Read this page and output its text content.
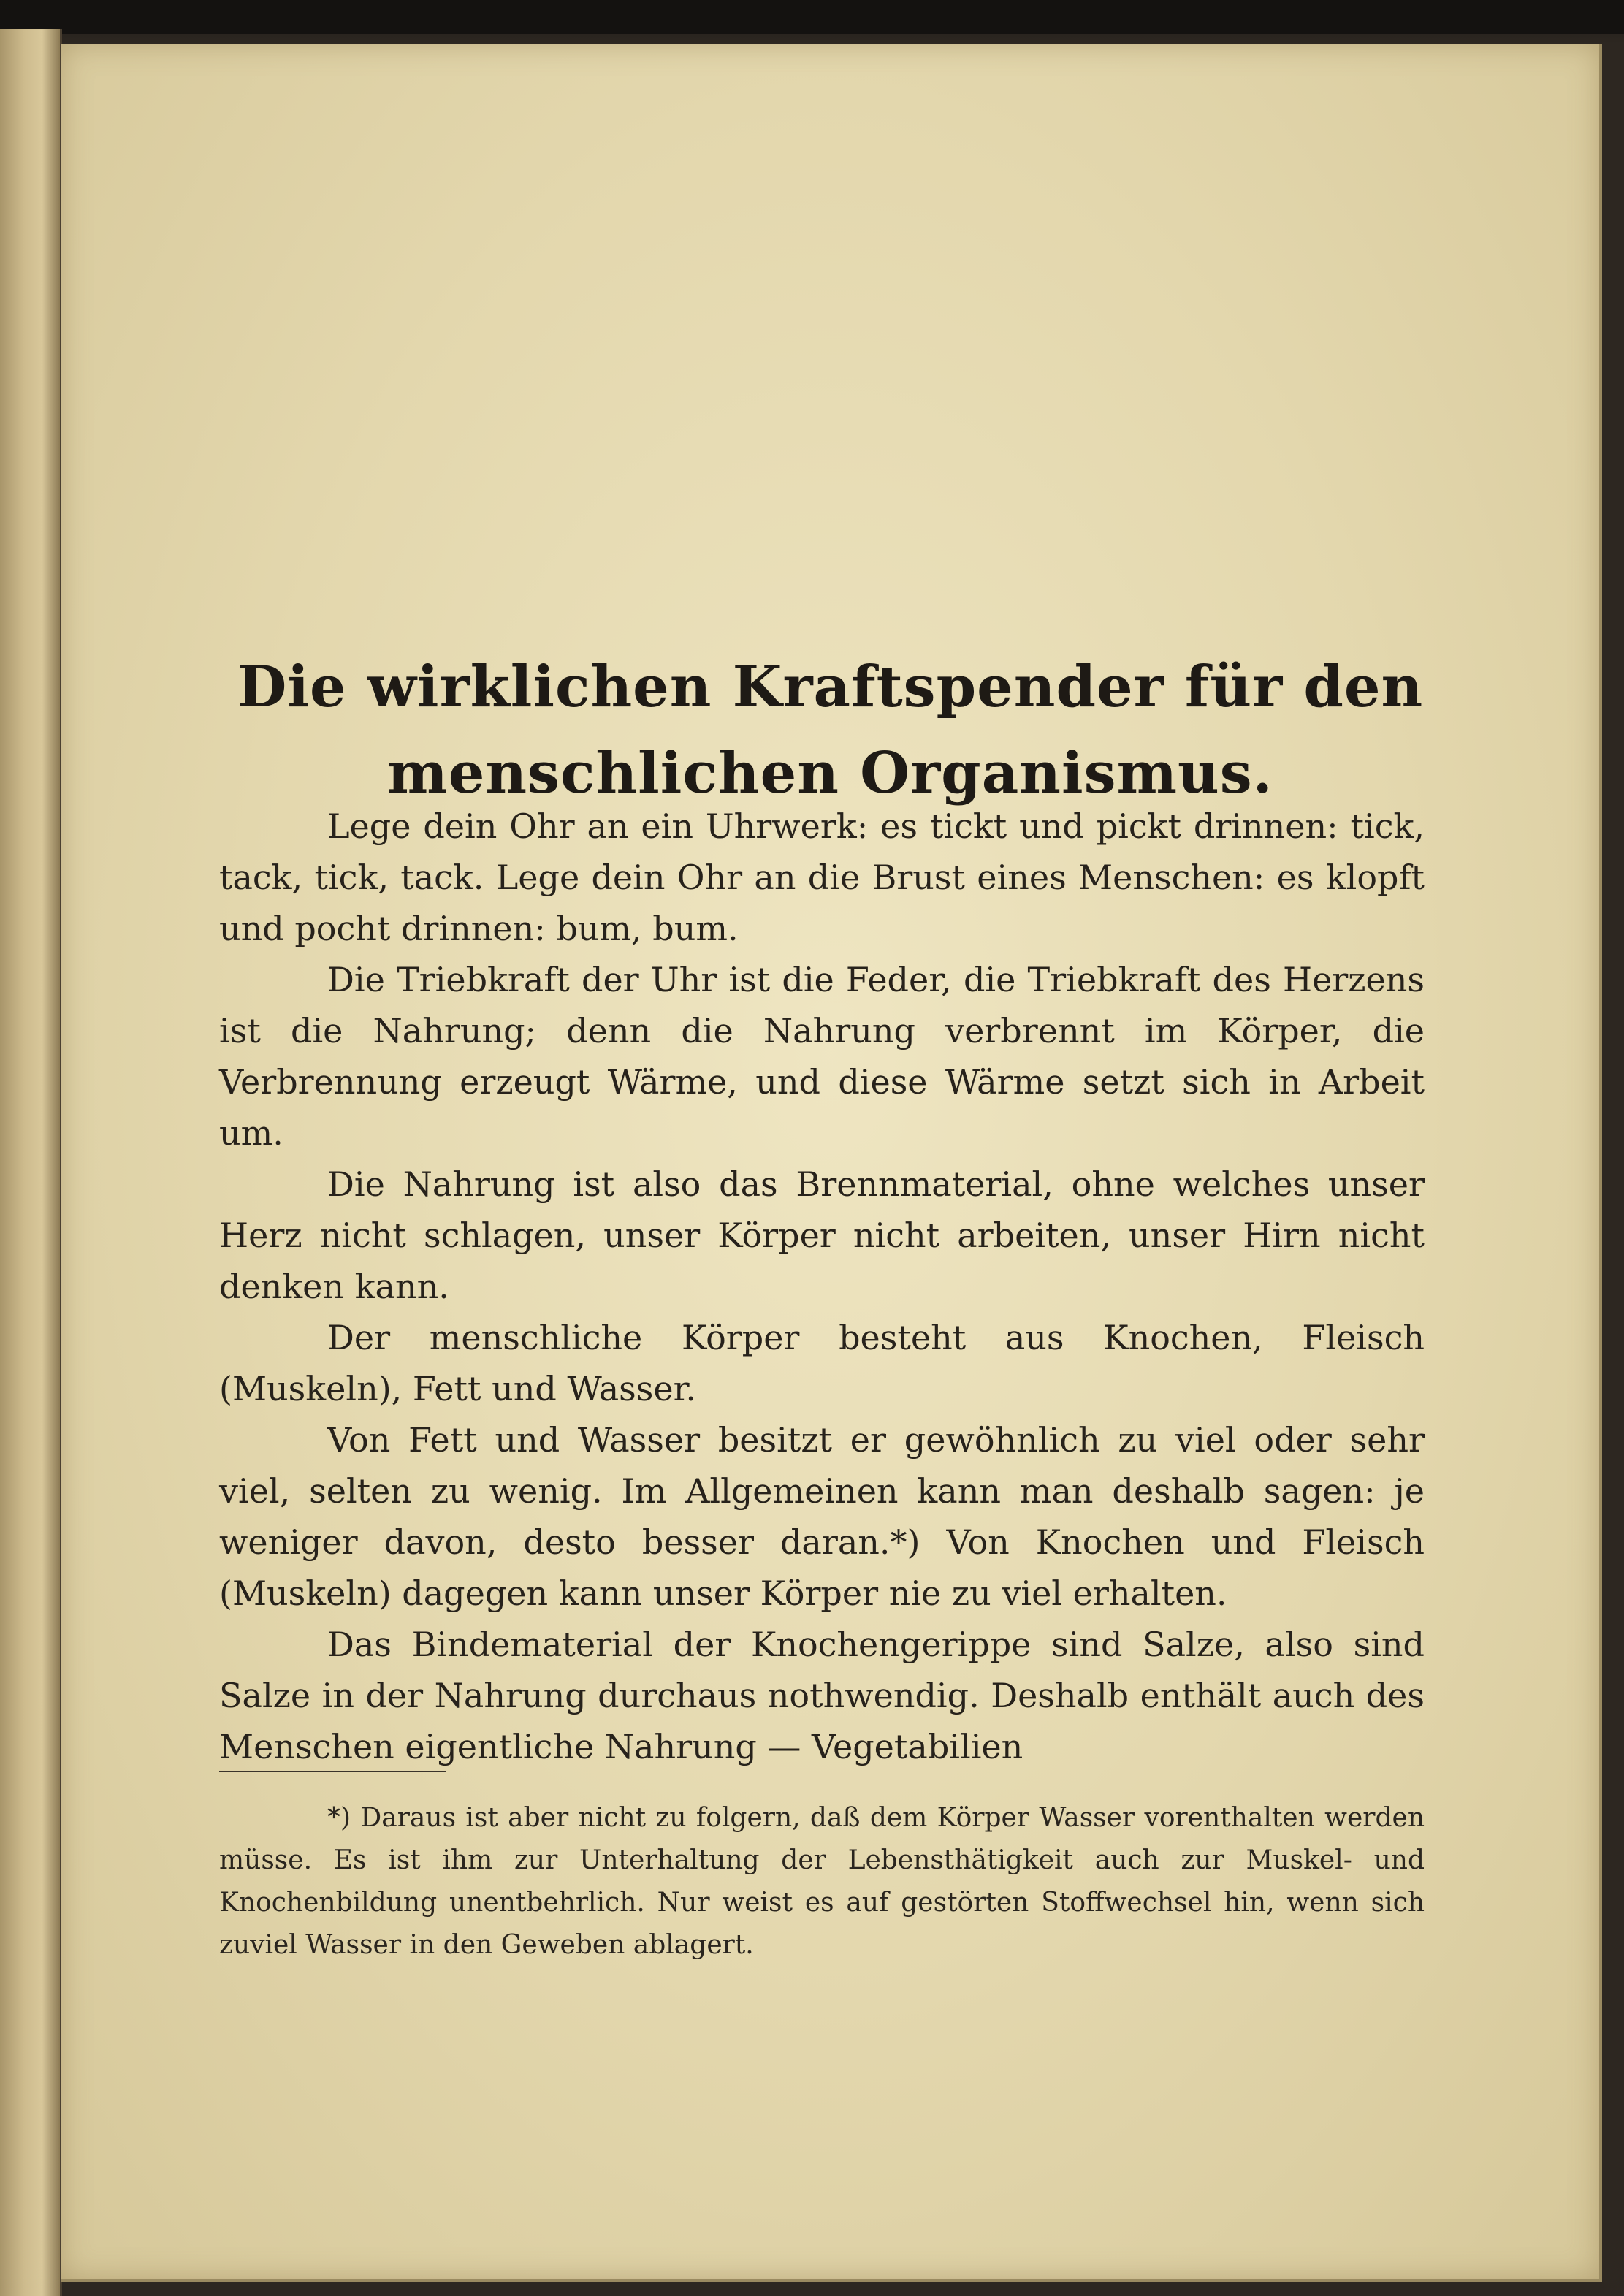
Die wirklichen Kraftspender für den
menschlichen Organismus.

Lege dein Ohr an ein Uhrwerk: es tickt und pickt drinnen: tick, tack, tick, tack. Lege dein Ohr an die Brust eines Menschen: es klopft und pocht drinnen: bum, bum.

Die Triebkraft der Uhr ist die Feder, die Triebkraft des Herzens ist die Nahrung; denn die Nahrung verbrennt im Körper, die Verbrennung erzeugt Wärme, und diese Wärme setzt sich in Arbeit um.

Die Nahrung ist also das Brennmaterial, ohne welches unser Herz nicht schlagen, unser Körper nicht arbeiten, unser Hirn nicht denken kann.

Der menschliche Körper besteht aus Knochen, Fleisch (Muskeln), Fett und Wasser.

Von Fett und Wasser besitzt er gewöhnlich zu viel oder sehr viel, selten zu wenig. Im Allgemeinen kann man deshalb sagen: je weniger davon, desto besser daran.*) Von Knochen und Fleisch (Muskeln) dagegen kann unser Körper nie zu viel erhalten.

Das Bindematerial der Knochengerippe sind Salze, also sind Salze in der Nahrung durchaus nothwendig. Deshalb enthält auch des Menschen eigentliche Nahrung — Vegetabilien

*) Daraus ist aber nicht zu folgern, daß dem Körper Wasser vorenthalten werden müsse. Es ist ihm zur Unterhaltung der Lebensthätigkeit auch zur Muskel- und Knochenbildung unentbehrlich. Nur weist es auf gestörten Stoffwechsel hin, wenn sich zuviel Wasser in den Geweben ablagert.
